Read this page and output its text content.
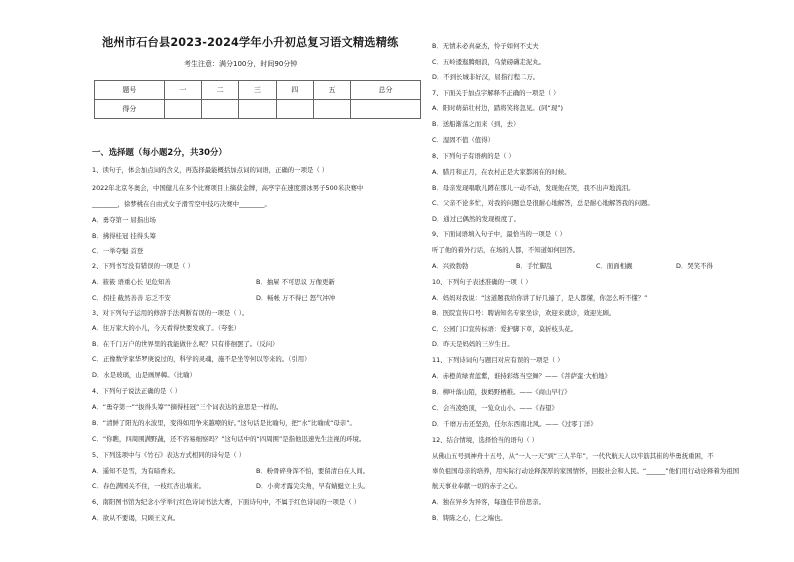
池州市石台县2023-2024学年小升初总复习语文精选精练
考生注意：满分100分，时间90分钟
题号	一	二	三	四	五	总分
得分						
一、选择题（每小题2分，共30分）
1、读句子，体会加点词的含义，再选择最能概括加点词的词语，正确的一项是（ ）
2022年北京冬奥会，中国健儿在多个比赛项目上摘获金牌，高亭宇在速度滑冰男子500米决赛中
________，徐梦桃在自由式女子滑雪空中技巧决赛中________。
A．勇夺第一 屈指出场
B．拂得桂冠 挂得头筹
C．一举夺魁 首登
2、下列书写没有错误的一项是（ ）
A．筱筱 语重心长 见危知善	B．抽屉 不可思议 万像更新
C．拐挂 截然善善 忘乏不安	D．畅帐 万不得已 怒气冲冲
3、对下列句子运用的修辞手法判断有误的一项是（ ）。
A．往万家大的小儿，今天看得快要发疯了。（夸张）
B．在千门万户的世界里的我能做什么呢？只有徘徊罢了。（反问）
C．正像数学家华罗庚说过的，科学的灵魂，施不是坐等何以等来的。（引用）
D．水是玻璃，山是画屏幛。（比喻）
4、下列句子说法正确的是（ ）
A．“勇夺第一”“拔得头筹”“摘得桂冠”三个词表达的意思是一样的。
B．“清鲜了阳光的水波里，变得如用争来越嘹的好。”这句话是比喻句，把“水”比喻成“母亲”。
C．“你瞧，四周围满野蔬，还不容易细察吗？”这句话中的“四周围”是指他迅速先生注视的环境。
5、下列选项中与《竹石》表达方式相同的诗句是（ ）
A．遥知不是雪，为有暗香来。	B．粉骨碎身浑不怕，要留清白在人间。
C．春色满园关不住，一枝红杏出墙来。	D．小荷才露尖尖角，早有蜻蜓立上头。
6、南阳图书馆为纪念小学举行红色诗词书法大赛，下面诗句中，不属于红色诗词的一项是（ ）
A．欲从不要谒，只顾王义真。
B．无情未必真豪杰，怜子如何不丈夫
C．五岭逶迤腾细浪，乌蒙磅礴走泥丸。
D．不到长城非好汉，屈指行程二万。
7、下面关于加点字解释不正确的一项是（ ）
A．阳时萌茹壮村边，踏将笑将忽见。(同“现”)
B．送船渐荡之而来（到，去）
C．湿固不值（值得）
8、下列句子有语病的是（ ）
A．腊月和正月，在农村正是大家都闲在的时候。
B．母亲发现唱歌儿蹲在那儿一动不动，发现他在哭，我不出声地流泪。
C．父亲不论多忙，对我的问题总是很耐心地解答，总是耐心地解答我的问题。
D．通过已偶然的发现极度了。
9、下面词语填入句子中，最恰当的一项是（ ）
听了他的着外行话，在场的人都，不知道如何回答。
A．兴致勃勃	B．手忙脚乱	C．面面相觑	D．哭笑不得
10、下列句子表述准确的一项（ ）
A．妈妈对我说：“这道题我给你讲了好几遍了，是人都懂，你怎么听不懂？”
B．医院宣传口号：聘请知名专家坐诊，欢迎来就诊，效迎光顾。
C．公园门口宣传标语：爱护脚下草，莫折枝头花。
D．昨天是妈妈的三岁生日。
11、下列诗词句与题目对应有误的一项是（ ）
A．赤橙黄绿青蓝紫，谁持彩练当空舞？——《菩萨蛮·大柏地》
B．柳叶落山陌，拔蚂野栖稚。——《商山早行》
C．会当凌绝顶，一览众山小。——《春望》
D．千磨万击还坚劲，任尔东西南北风。——《过零丁洋》
12、结合情境，选择恰当的语句（ ）
从佛山五号到神舟十五号，从“一人一天”到“三人半年”，一代代航天人以牢筋其崔的毕勇抚重困，不
辜负祖国母亲的培养，用实际行动诠释深厚的家国情怀，回报社会和人民。“______”他们用行动诠释着为祖国
航天事业奉献一切的赤子之心。
A．独在异乡为异客，每逢佳节倍思亲。
B．铸陈之心，仁之端也。
